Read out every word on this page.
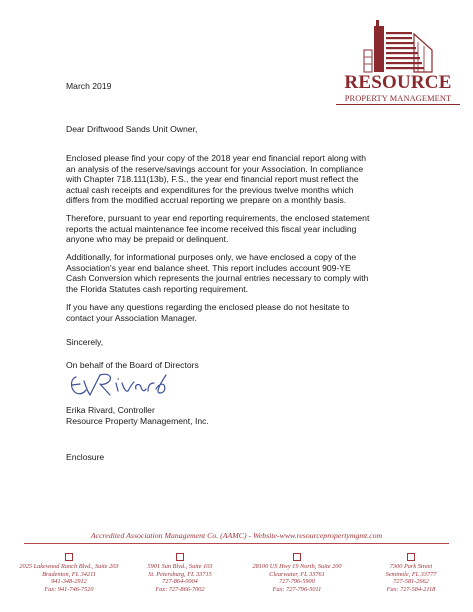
RESOURCE
PROPERTY MANAGEMENT
March 2019
Dear Driftwood Sands Unit Owner,
Enclosed please find your copy of the 2018 year end financial report along with
an analysis of the reserve/savings account for your Association. In compliance
with Chapter 718.111(13b), F.S., the year end financial report must reflect the
actual cash receipts and expenditures for the previous twelve months which
differs from the modified accrual reporting we prepare on a monthly basis.
Therefore, pursuant to year end reporting requirements, the enclosed statement
reports the actual maintenance fee income received this fiscal year including
anyone who may be prepaid or delinquent.
Additionally, for informational purposes only, we have enclosed a copy of the
Association's year end balance sheet. This report includes account 909-YE
Cash Conversion which represents the journal entries necessary to comply with
the Florida Statutes cash reporting requirement.
If you have any questions regarding the enclosed please do not hesitate to
contact your Association Manager.
Sincerely,
On behalf of the Board of Directors
Erika Rivard, Controller
Resource Property Management, Inc.
Enclosure
Accredited Association Management Co. (AAMC) - Website-www.resourcepropertymgmt.com
2025 Lakewood Ranch Blvd., Suite 203
Bradenton, FL 34211
941-348-2912
Fax: 941-746-7520
5901 Sun Blvd., Suite 103
St. Petersburg, FL 33715
727-864-0004
Fax: 727-866-7002
28100 US Hwy 19 North, Suite 200
Clearwater, FL 33761
727-796-5900
Fax: 727-796-5011
7300 Park Street
Seminole, FL 33777
727-581-2662
Fax: 727-584-2118
